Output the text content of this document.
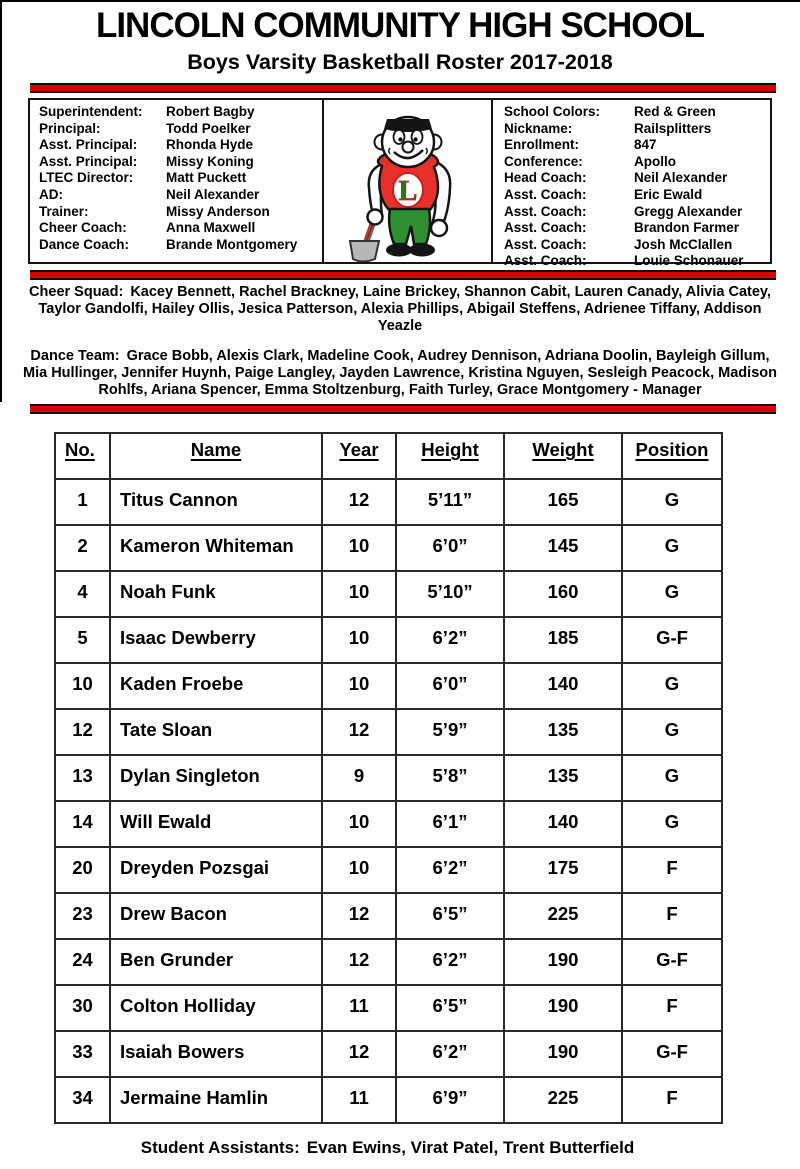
LINCOLN COMMUNITY HIGH SCHOOL
Boys Varsity Basketball Roster 2017-2018
Superintendent:	Robert Bagby
Principal:	Todd Poelker
Asst. Principal:	Rhonda Hyde
Asst. Principal:	Missy Koning
LTEC Director:	Matt Puckett
AD:	Neil Alexander
Trainer:	Missy Anderson
Cheer Coach:	Anna Maxwell
Dance Coach:	Brande Montgomery
L
School Colors:	Red & Green
Nickname:	Railsplitters
Enrollment:	847
Conference:	Apollo
Head Coach:	Neil Alexander
Asst. Coach:	Eric Ewald
Asst. Coach:	Gregg Alexander
Asst. Coach:	Brandon Farmer
Asst. Coach:	Josh McClallen
Asst. Coach:	Louie Schonauer

Cheer Squad: Kacey Bennett, Rachel Brackney, Laine Brickey, Shannon Cabit, Lauren Canady, Alivia Catey, Taylor Gandolfi, Hailey Ollis, Jesica Patterson, Alexia Phillips, Abigail Steffens, Adrienee Tiffany, Addison Yeazle

Dance Team: Grace Bobb, Alexis Clark, Madeline Cook, Audrey Dennison, Adriana Doolin, Bayleigh Gillum, Mia Hullinger, Jennifer Huynh, Paige Langley, Jayden Lawrence, Kristina Nguyen, Sesleigh Peacock, Madison Rohlfs, Ariana Spencer, Emma Stoltzenburg, Faith Turley, Grace Montgomery - Manager

No.	Name	Year	Height	Weight	Position
1	Titus Cannon	12	5’11”	165	G
2	Kameron Whiteman	10	6’0”	145	G
4	Noah Funk	10	5’10”	160	G
5	Isaac Dewberry	10	6’2”	185	G-F
10	Kaden Froebe	10	6’0”	140	G
12	Tate Sloan	12	5’9”	135	G
13	Dylan Singleton	9	5’8”	135	G
14	Will Ewald	10	6’1”	140	G
20	Dreyden Pozsgai	10	6’2”	175	F
23	Drew Bacon	12	6’5”	225	F
24	Ben Grunder	12	6’2”	190	G-F
30	Colton Holliday	11	6’5”	190	F
33	Isaiah Bowers	12	6’2”	190	G-F
34	Jermaine Hamlin	11	6’9”	225	F

Student Assistants: Evan Ewins, Virat Patel, Trent Butterfield
